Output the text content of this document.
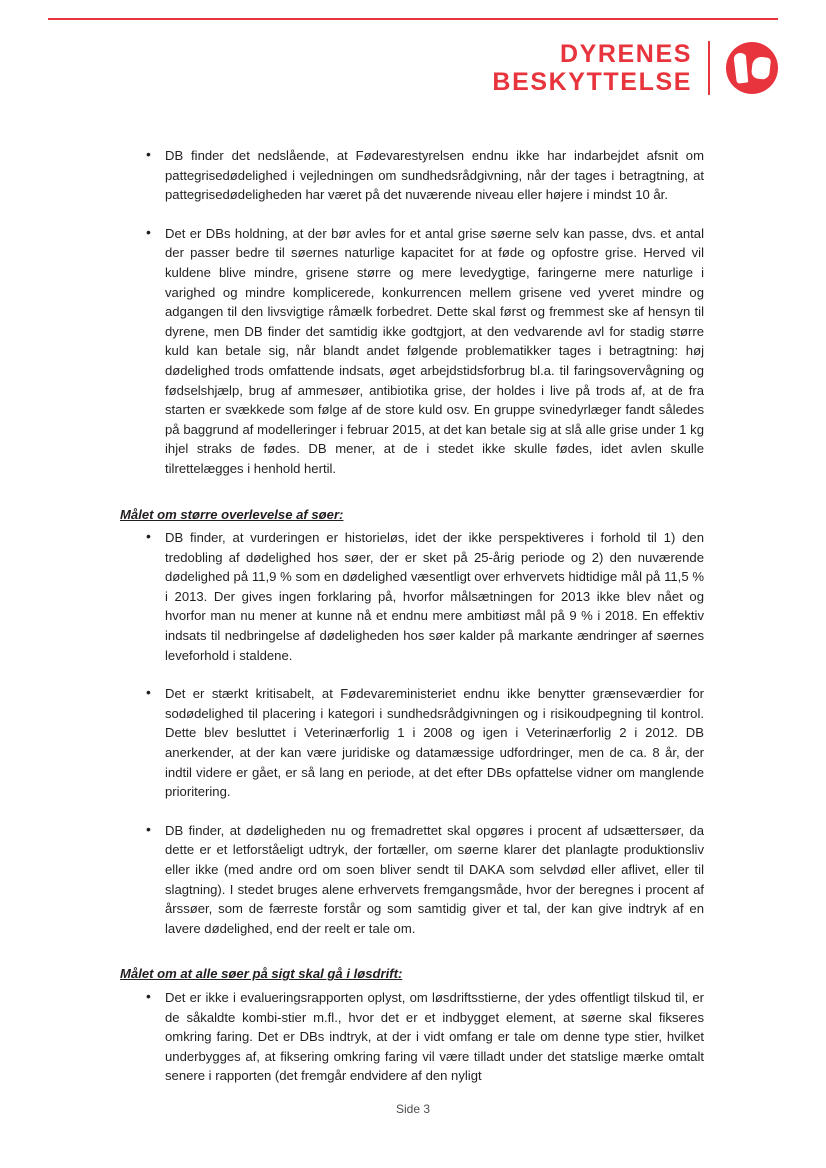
DYRENES
BESKYTTELSE
• DB finder det nedslående, at Fødevarestyrelsen endnu ikke har indarbejdet afsnit om pattegrisedødelighed i vejledningen om sundhedsrådgivning, når der tages i betragtning, at pattegrisedødeligheden har været på det nuværende niveau eller højere i mindst 10 år.
• Det er DBs holdning, at der bør avles for et antal grise søerne selv kan passe, dvs. et antal der passer bedre til søernes naturlige kapacitet for at føde og opfostre grise. Herved vil kuldene blive mindre, grisene større og mere levedygtige, faringerne mere naturlige i varighed og mindre komplicerede, konkurrencen mellem grisene ved yveret mindre og adgangen til den livsvigtige råmælk forbedret. Dette skal først og fremmest ske af hensyn til dyrene, men DB finder det samtidig ikke godtgjort, at den vedvarende avl for stadig større kuld kan betale sig, når blandt andet følgende problematikker tages i betragtning: høj dødelighed trods omfattende indsats, øget arbejdstidsforbrug bl.a. til faringsovervågning og fødselshjælp, brug af ammesøer, antibiotika grise, der holdes i live på trods af, at de fra starten er svækkede som følge af de store kuld osv. En gruppe svinedyrlæger fandt således på baggrund af modelleringer i februar 2015, at det kan betale sig at slå alle grise under 1 kg ihjel straks de fødes. DB mener, at de i stedet ikke skulle fødes, idet avlen skulle tilrettelægges i henhold hertil.
Målet om større overlevelse af søer:
• DB finder, at vurderingen er historieløs, idet der ikke perspektiveres i forhold til 1) den tredobling af dødelighed hos søer, der er sket på 25-årig periode og 2) den nuværende dødelighed på 11,9 % som en dødelighed væsentligt over erhvervets hidtidige mål på 11,5 % i 2013. Der gives ingen forklaring på, hvorfor målsætningen for 2013 ikke blev nået og hvorfor man nu mener at kunne nå et endnu mere ambitiøst mål på 9 % i 2018. En effektiv indsats til nedbringelse af dødeligheden hos søer kalder på markante ændringer af søernes leveforhold i staldene.
• Det er stærkt kritisabelt, at Fødevareministeriet endnu ikke benytter grænseværdier for sodødelighed til placering i kategori i sundhedsrådgivningen og i risikoudpegning til kontrol. Dette blev besluttet i Veterinærforlig 1 i 2008 og igen i Veterinærforlig 2 i 2012. DB anerkender, at der kan være juridiske og datamæssige udfordringer, men de ca. 8 år, der indtil videre er gået, er så lang en periode, at det efter DBs opfattelse vidner om manglende prioritering.
• DB finder, at dødeligheden nu og fremadrettet skal opgøres i procent af udsættersøer, da dette er et letforståeligt udtryk, der fortæller, om søerne klarer det planlagte produktionsliv eller ikke (med andre ord om soen bliver sendt til DAKA som selvdød eller aflivet, eller til slagtning). I stedet bruges alene erhvervets fremgangsmåde, hvor der beregnes i procent af årssøer, som de færreste forstår og som samtidig giver et tal, der kan give indtryk af en lavere dødelighed, end der reelt er tale om.
Målet om at alle søer på sigt skal gå i løsdrift:
• Det er ikke i evalueringsrapporten oplyst, om løsdriftsstierne, der ydes offentligt tilskud til, er de såkaldte kombi-stier m.fl., hvor det er et indbygget element, at søerne skal fikseres omkring faring. Det er DBs indtryk, at der i vidt omfang er tale om denne type stier, hvilket underbygges af, at fiksering omkring faring vil være tilladt under det statslige mærke omtalt senere i rapporten (det fremgår endvidere af den nyligt
Side 3
